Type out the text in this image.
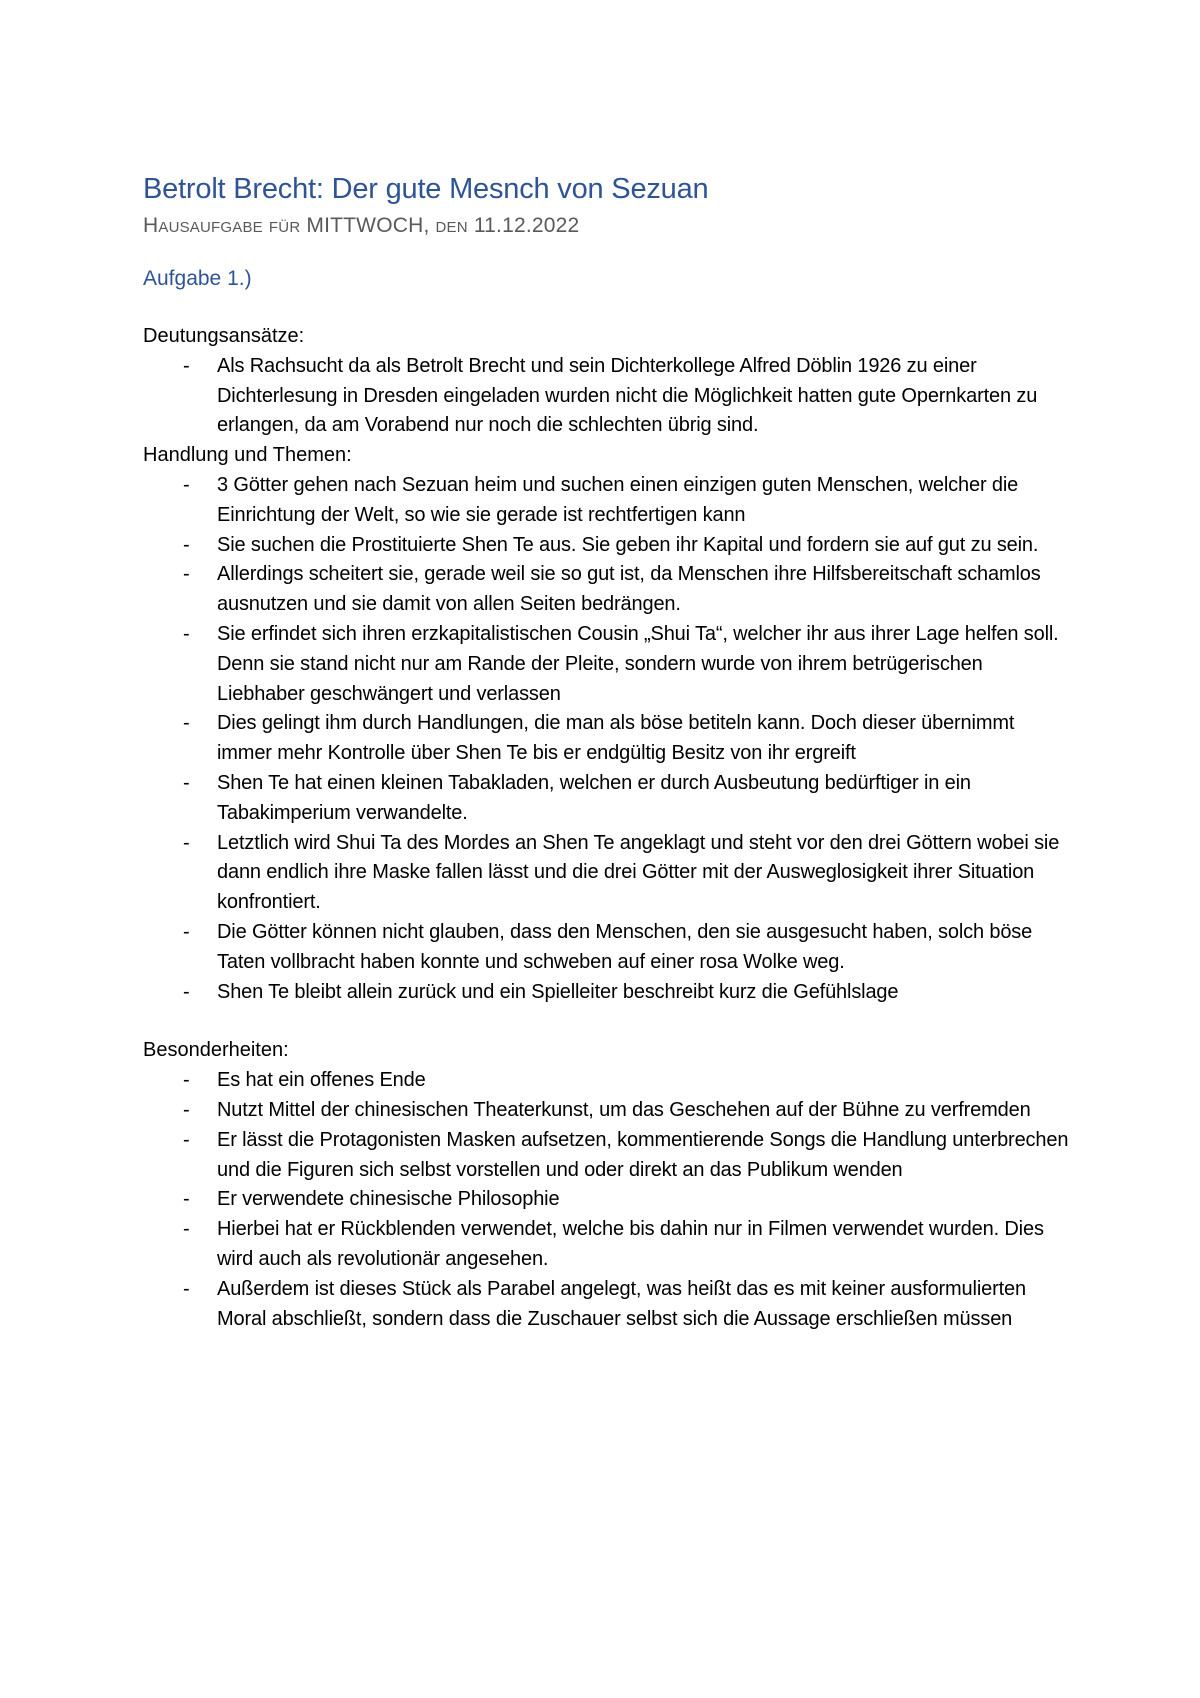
Betrolt Brecht: Der gute Mesnch von Sezuan
Hausaufgabe für MITTWOCH, den 11.12.2022
Aufgabe 1.)
Deutungsansätze:
- Als Rachsucht da als Betrolt Brecht und sein Dichterkollege Alfred Döblin 1926 zu einer Dichterlesung in Dresden eingeladen wurden nicht die Möglichkeit hatten gute Opernkarten zu erlangen, da am Vorabend nur noch die schlechten übrig sind.
Handlung und Themen:
- 3 Götter gehen nach Sezuan heim und suchen einen einzigen guten Menschen, welcher die Einrichtung der Welt, so wie sie gerade ist rechtfertigen kann
- Sie suchen die Prostituierte Shen Te aus. Sie geben ihr Kapital und fordern sie auf gut zu sein.
- Allerdings scheitert sie, gerade weil sie so gut ist, da Menschen ihre Hilfsbereitschaft schamlos ausnutzen und sie damit von allen Seiten bedrängen.
- Sie erfindet sich ihren erzkapitalistischen Cousin „Shui Ta“, welcher ihr aus ihrer Lage helfen soll. Denn sie stand nicht nur am Rande der Pleite, sondern wurde von ihrem betrügerischen Liebhaber geschwängert und verlassen
- Dies gelingt ihm durch Handlungen, die man als böse betiteln kann. Doch dieser übernimmt immer mehr Kontrolle über Shen Te bis er endgültig Besitz von ihr ergreift
- Shen Te hat einen kleinen Tabakladen, welchen er durch Ausbeutung bedürftiger in ein Tabakimperium verwandelte.
- Letztlich wird Shui Ta des Mordes an Shen Te angeklagt und steht vor den drei Göttern wobei sie dann endlich ihre Maske fallen lässt und die drei Götter mit der Ausweglosigkeit ihrer Situation konfrontiert.
- Die Götter können nicht glauben, dass den Menschen, den sie ausgesucht haben, solch böse Taten vollbracht haben konnte und schweben auf einer rosa Wolke weg.
- Shen Te bleibt allein zurück und ein Spielleiter beschreibt kurz die Gefühlslage
Besonderheiten:
- Es hat ein offenes Ende
- Nutzt Mittel der chinesischen Theaterkunst, um das Geschehen auf der Bühne zu verfremden
- Er lässt die Protagonisten Masken aufsetzen, kommentierende Songs die Handlung unterbrechen und die Figuren sich selbst vorstellen und oder direkt an das Publikum wenden
- Er verwendete chinesische Philosophie
- Hierbei hat er Rückblenden verwendet, welche bis dahin nur in Filmen verwendet wurden. Dies wird auch als revolutionär angesehen.
- Außerdem ist dieses Stück als Parabel angelegt, was heißt das es mit keiner ausformulierten Moral abschließt, sondern dass die Zuschauer selbst sich die Aussage erschließen müssen
